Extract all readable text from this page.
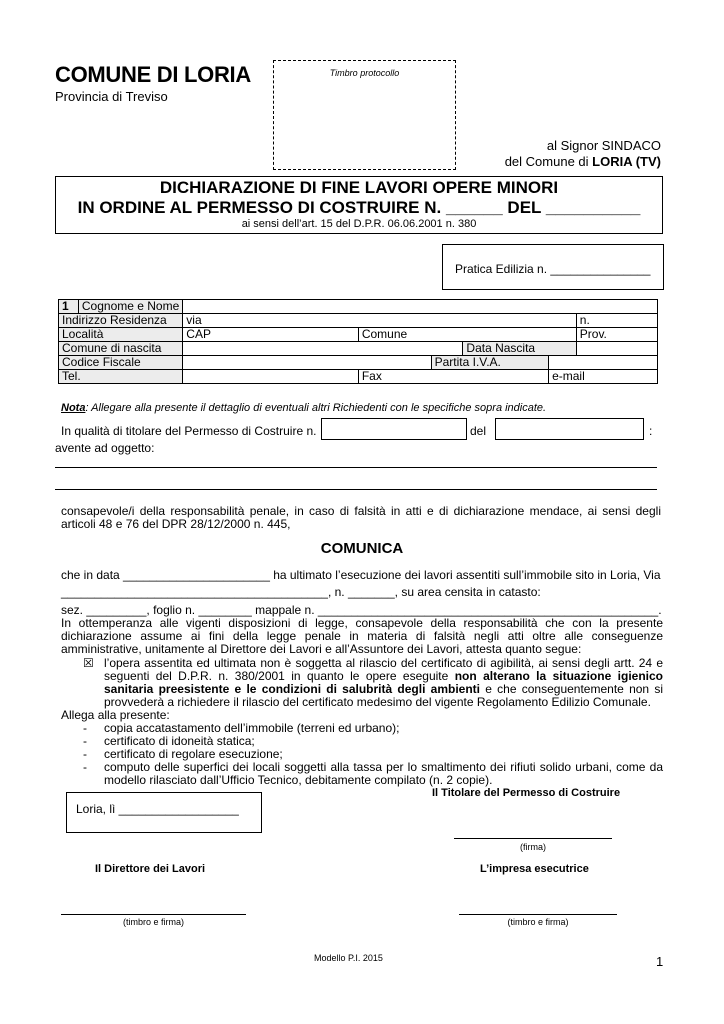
COMUNE DI LORIA
Provincia di Treviso
Timbro protocollo
al Signor SINDACO
del Comune di LORIA (TV)
DICHIARAZIONE DI FINE LAVORI OPERE MINORI
IN ORDINE AL PERMESSO DI COSTRUIRE N. ______ DEL __________
ai sensi dell’art. 15 del D.P.R. 06.06.2001 n. 380
Pratica Edilizia n. _______________
1	Cognome e Nome						
Indirizzo Residenza		via					n.
Località		CAP	Comune				Prov.
Comune di nascita					Data Nascita		
Codice Fiscale				Partita I.V.A.			
Tel.			Fax			e-mail	
Nota: Allegare alla presente il dettaglio di eventuali altri Richiedenti con le specifiche sopra indicate.
In qualità di titolare del Permesso di Costruire n.	del	:
avente ad oggetto:
consapevole/i della responsabilità penale, in caso di falsità in atti e di dichiarazione mendace, ai sensi degli articoli 48 e 76 del DPR 28/12/2000 n. 445,
COMUNICA
che in data ______________________ ha ultimato l’esecuzione dei lavori assentiti sull’immobile sito in Loria, Via
________________________________________, n. _______, su area censita in catasto:
sez. _________, foglio n. ________ mappale n. ___________________________________________________.
In ottemperanza alle vigenti disposizioni di legge, consapevole della responsabilità che con la presente dichiarazione assume ai fini della legge penale in materia di falsità negli atti oltre alle conseguenze amministrative, unitamente al Direttore dei Lavori e all’Assuntore dei Lavori, attesta quanto segue:
☒ l’opera assentita ed ultimata non è soggetta al rilascio del certificato di agibilità, ai sensi degli artt. 24 e seguenti del D.P.R. n. 380/2001 in quanto le opere eseguite non alterano la situazione igienico sanitaria preesistente e le condizioni di salubrità degli ambienti e che conseguentemente non si provvederà a richiedere il rilascio del certificato medesimo del vigente Regolamento Edilizio Comunale.
Allega alla presente:
- copia accatastamento dell’immobile (terreni ed urbano);
- certificato di idoneità statica;
- certificato di regolare esecuzione;
- computo delle superfici dei locali soggetti alla tassa per lo smaltimento dei rifiuti solido urbani, come da modello rilasciato dall’Ufficio Tecnico, debitamente compilato (n. 2 copie).
Loria, lì __________________
Il Titolare del Permesso di Costruire
(firma)
Il Direttore dei Lavori	L’impresa esecutrice
(timbro e firma)	(timbro e firma)
Modello P.I. 2015	1
